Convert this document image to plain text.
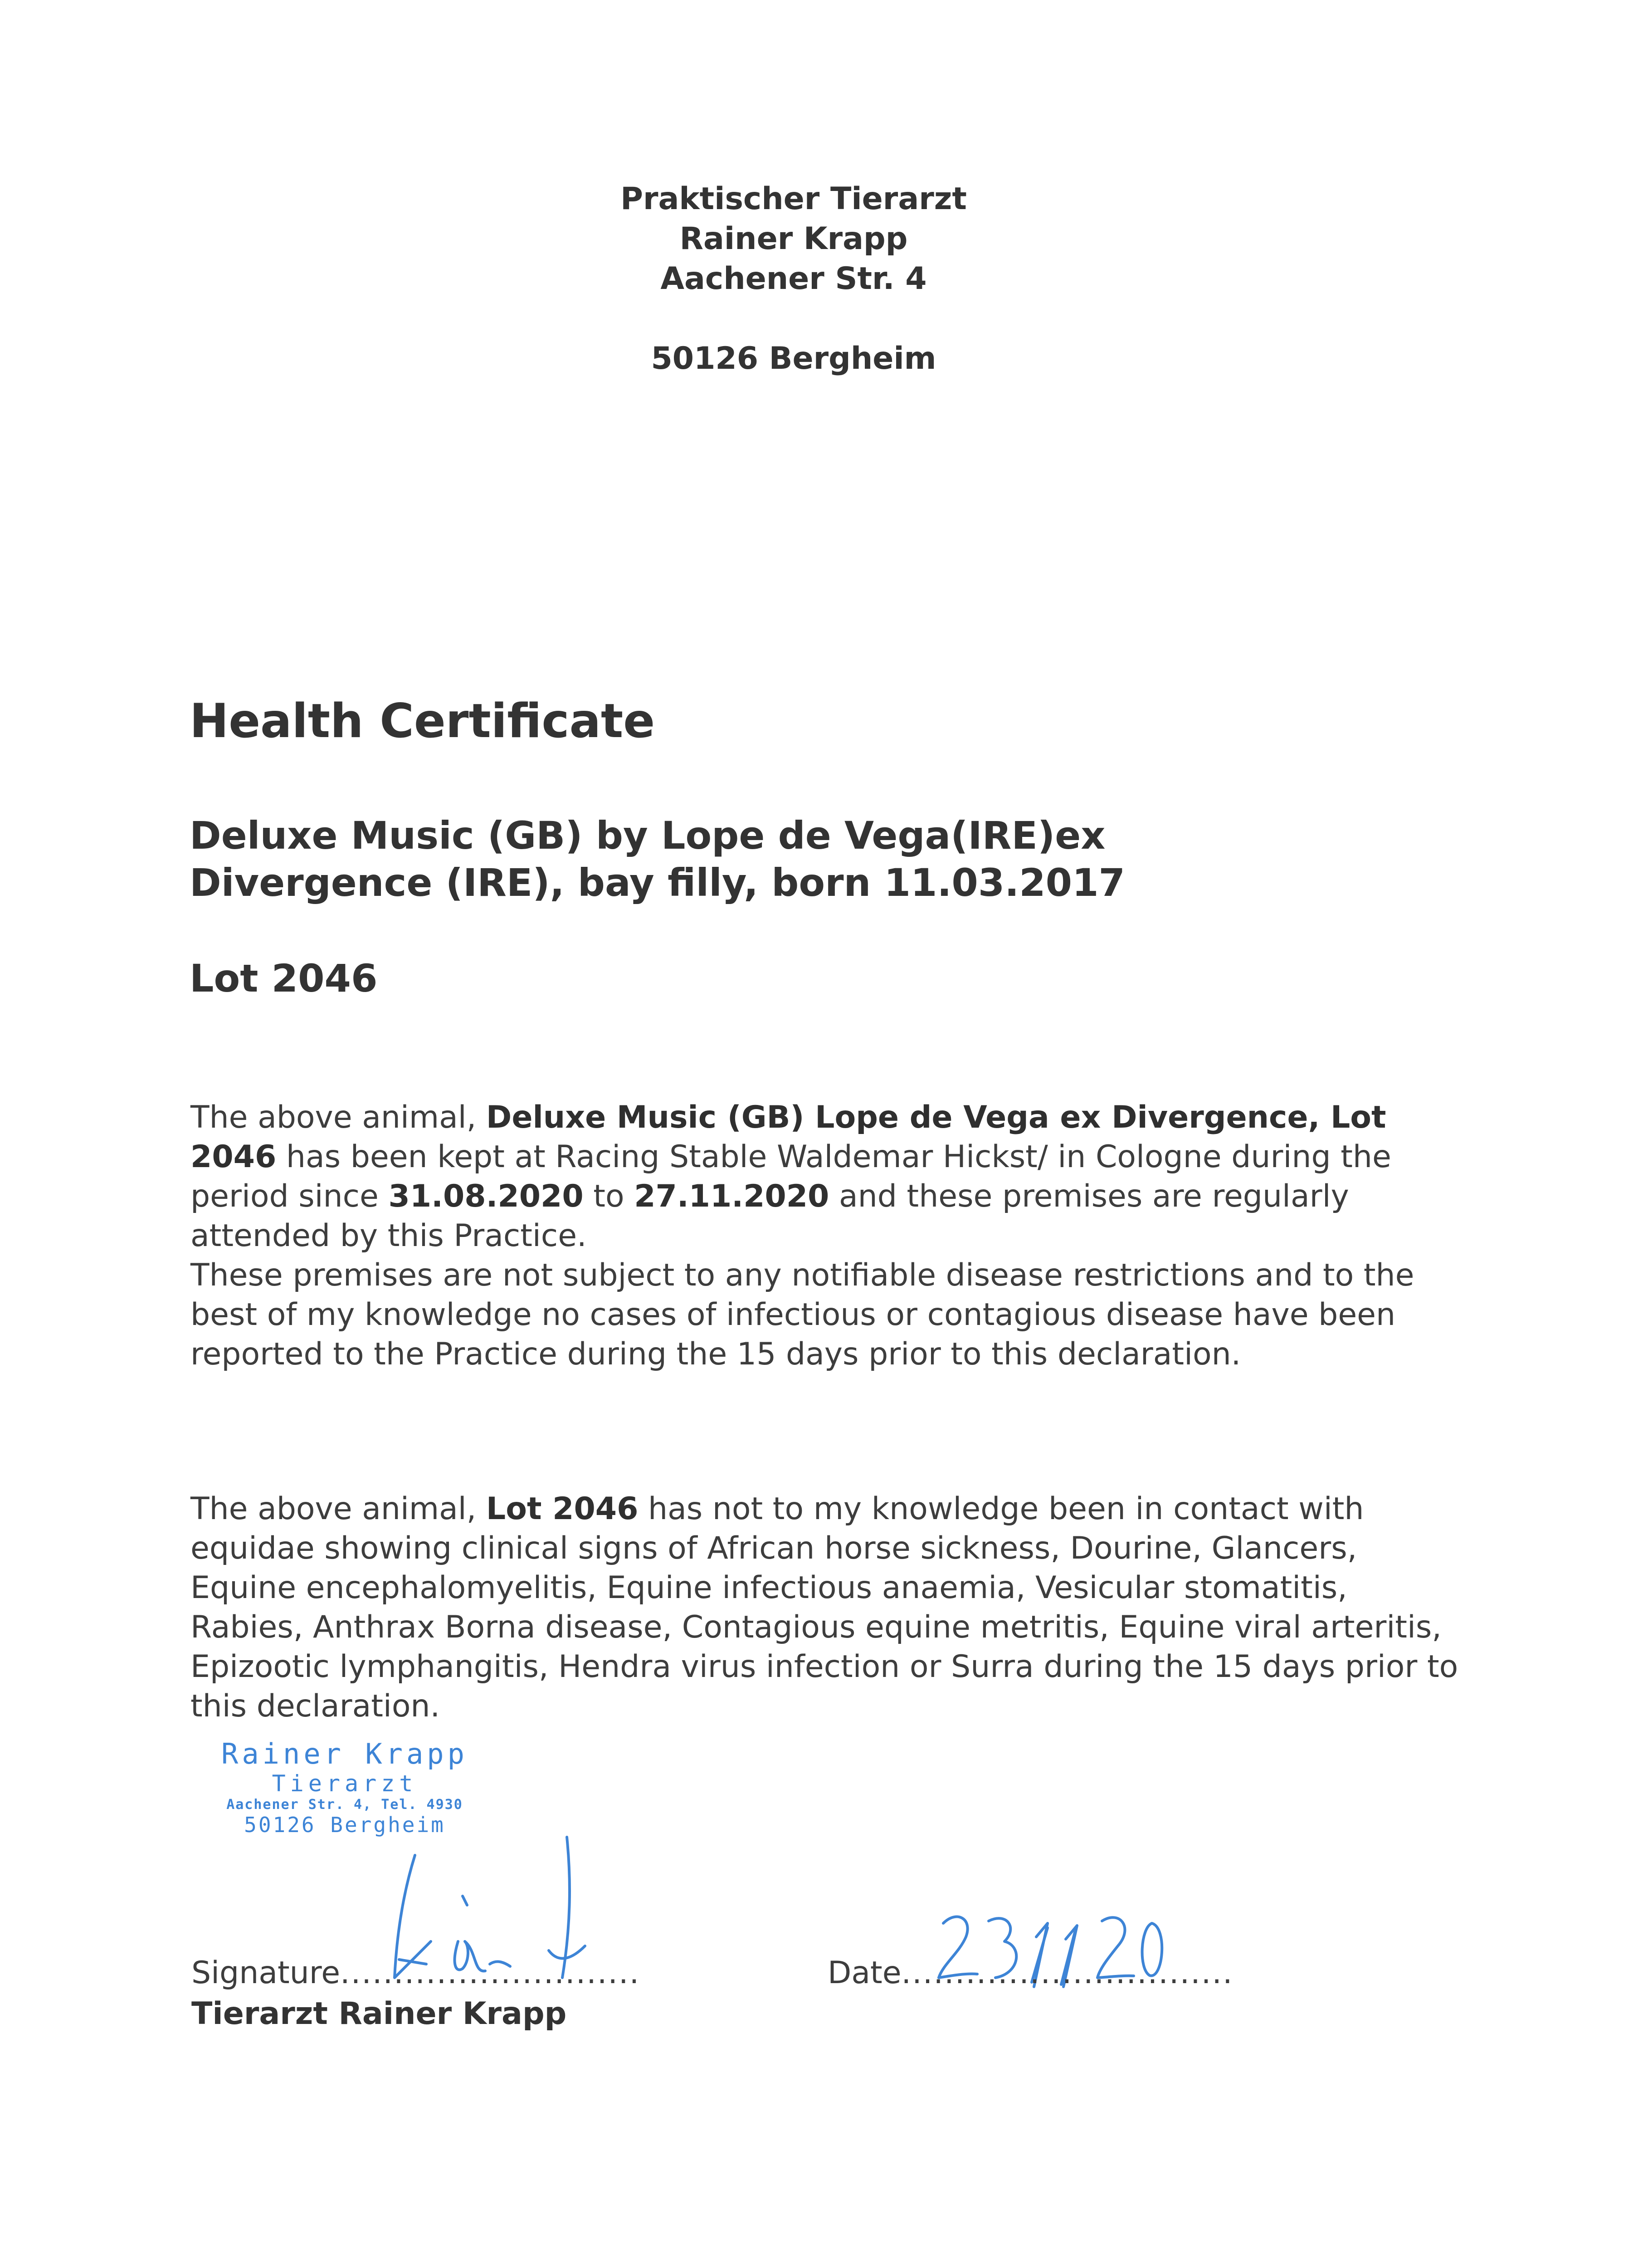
Praktischer Tierarzt
Rainer Krapp
Aachener Str. 4
50126 Bergheim
Health Certificate
Deluxe Music (GB) by Lope de Vega(IRE)ex
Divergence (IRE), bay filly, born 11.03.2017
Lot 2046
The above animal, Deluxe Music (GB) Lope de Vega ex Divergence, Lot 2046 has been kept at Racing Stable Waldemar Hickst/ in Cologne during the period since 31.08.2020 to 27.11.2020 and these premises are regularly attended by this Practice.
These premises are not subject to any notifiable disease restrictions and to the best of my knowledge no cases of infectious or contagious disease have been reported to the Practice during the 15 days prior to this declaration.
The above animal, Lot 2046 has not to my knowledge been in contact with equidae showing clinical signs of African horse sickness, Dourine, Glancers, Equine encephalomyelitis, Equine infectious anaemia, Vesicular stomatitis, Rabies, Anthrax Borna disease, Contagious equine metritis, Equine viral arteritis, Epizootic lymphangitis, Hendra virus infection or Surra during the 15 days prior to this declaration.
Rainer Krapp
Tierarzt
Aachener Str. 4, Tel. 4930
50126 Bergheim
Signature............................
Tierarzt Rainer Krapp
Date...............................
